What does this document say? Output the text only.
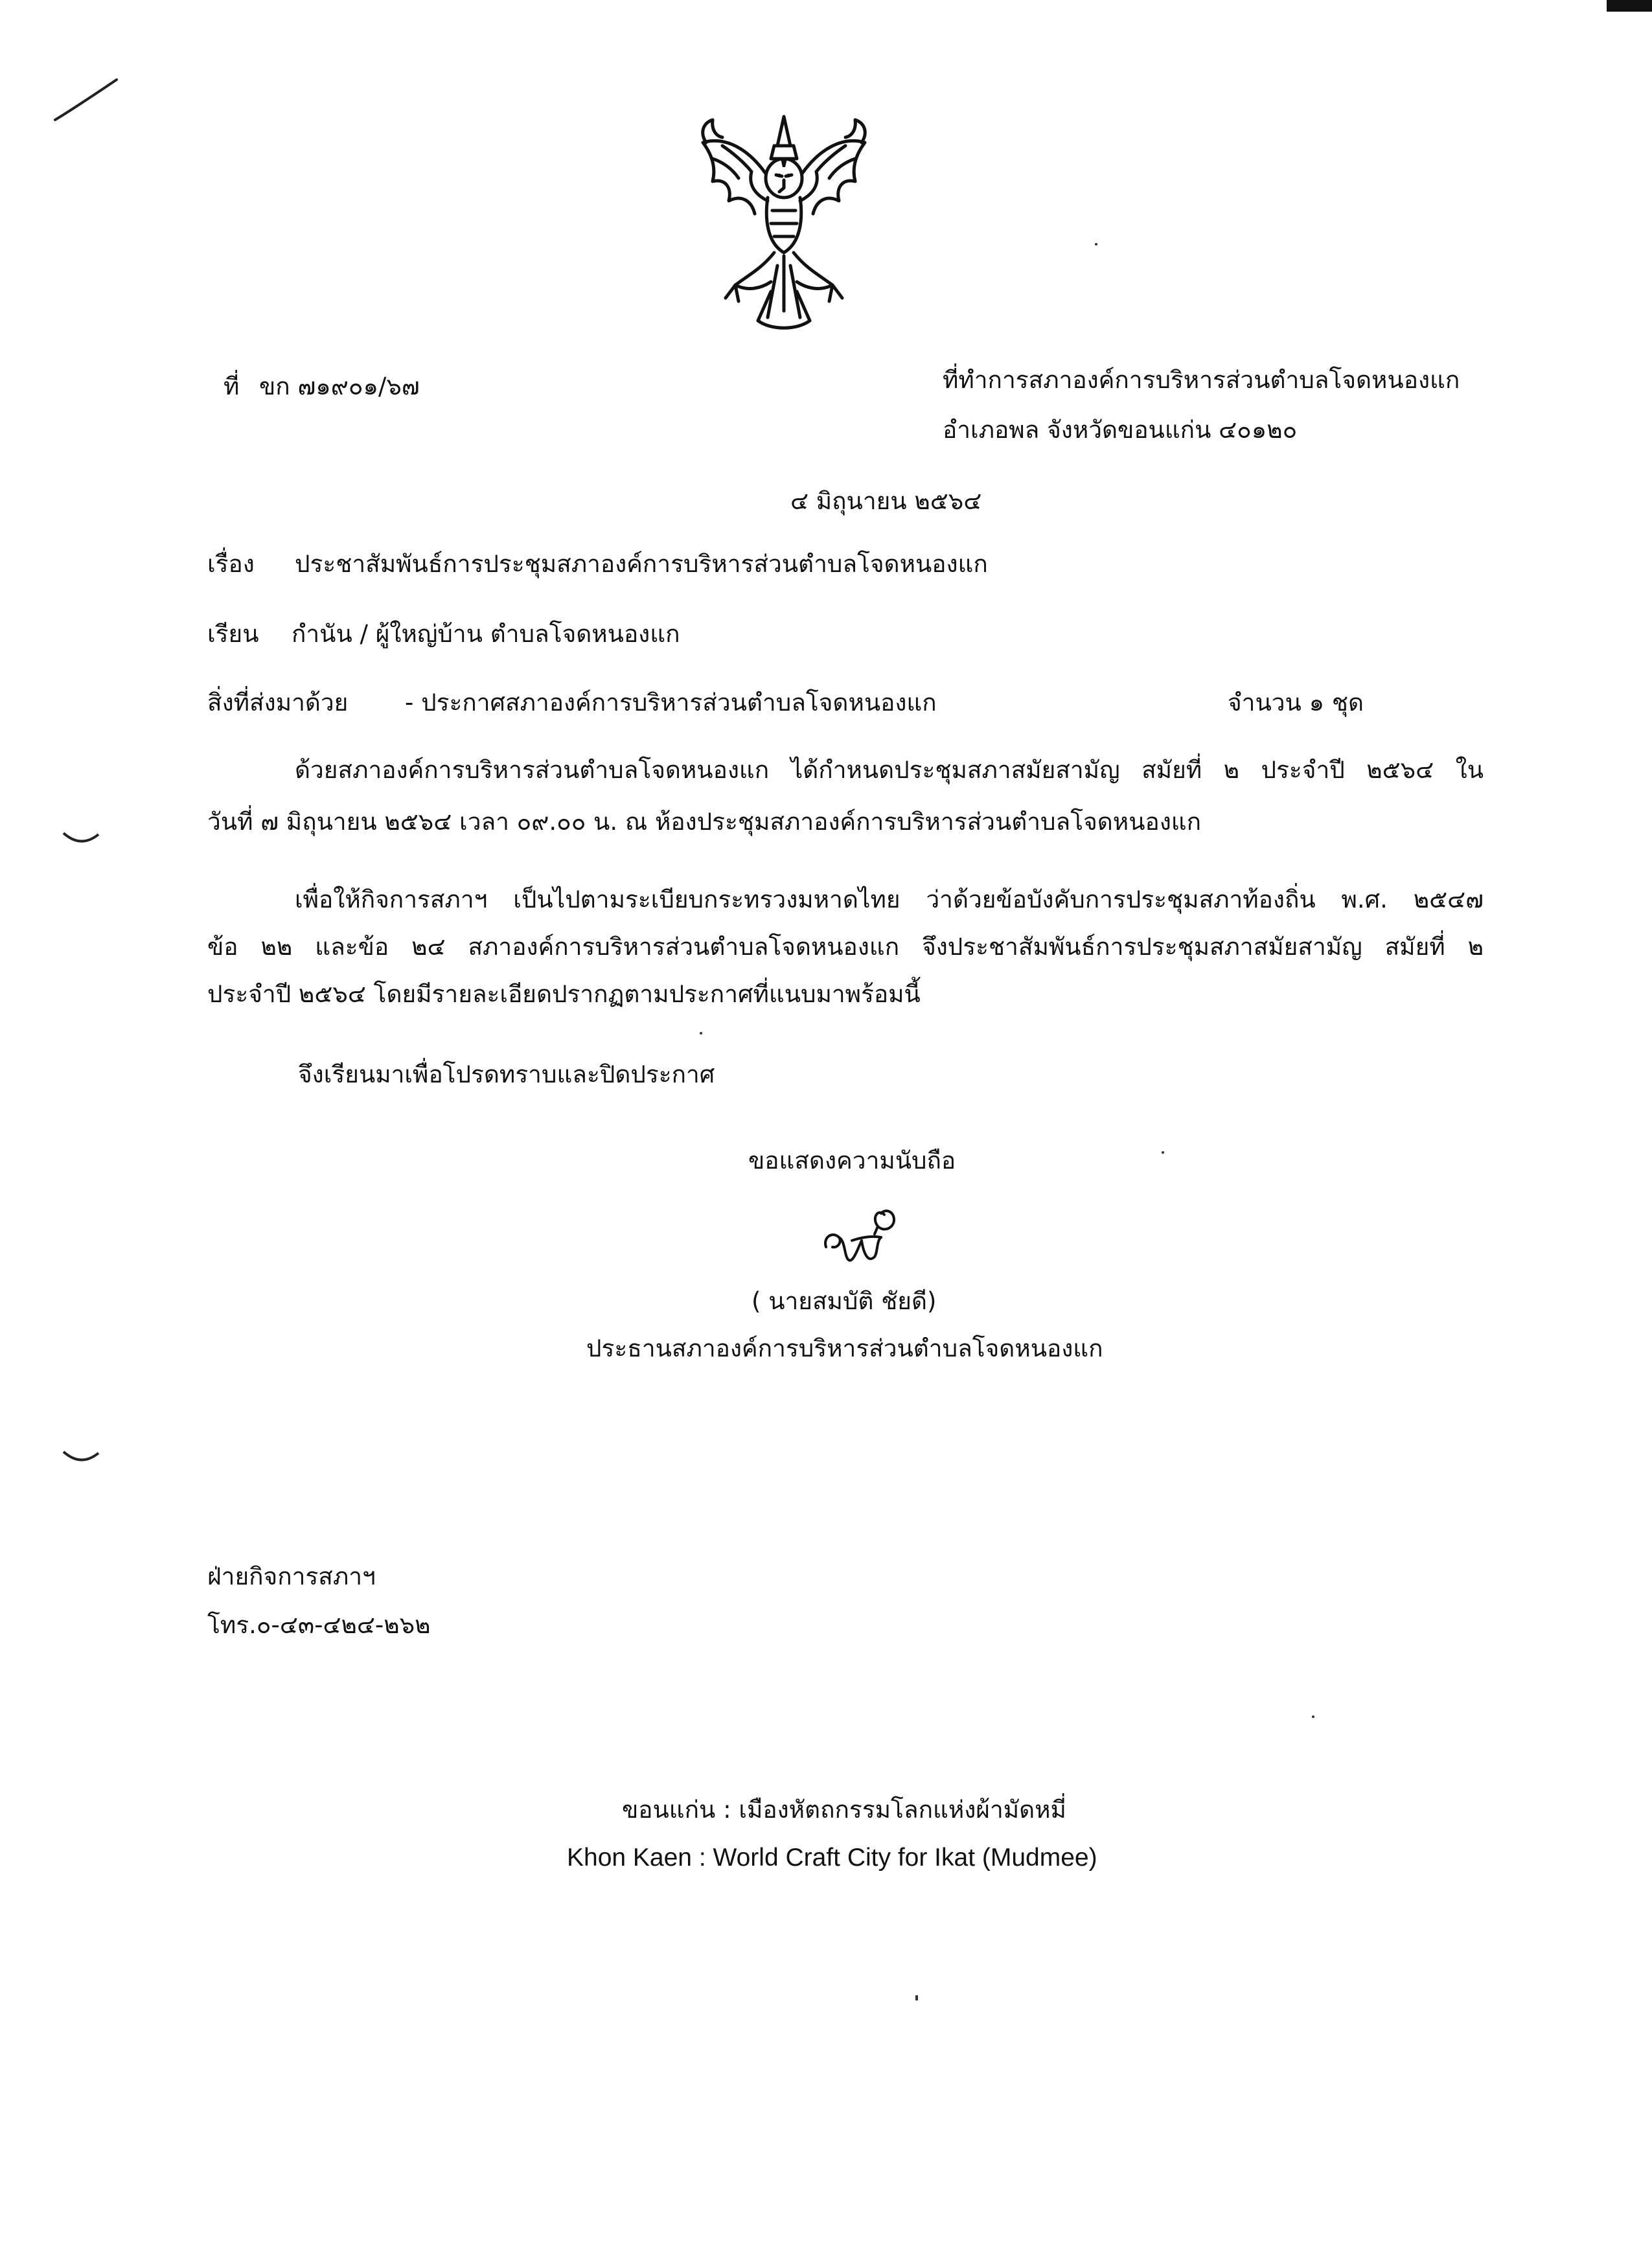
ที่ ขก ๗๑๙๐๑/๖๗	ที่ทำการสภาองค์การบริหารส่วนตำบลโจดหนองแก
อำเภอพล จังหวัดขอนแก่น ๔๐๑๒๐
๔ มิถุนายน ๒๕๖๔
เรื่อง ประชาสัมพันธ์การประชุมสภาองค์การบริหารส่วนตำบลโจดหนองแก
เรียน กำนัน / ผู้ใหญ่บ้าน ตำบลโจดหนองแก
สิ่งที่ส่งมาด้วย - ประกาศสภาองค์การบริหารส่วนตำบลโจดหนองแก	จำนวน ๑ ชุด
ด้วยสภาองค์การบริหารส่วนตำบลโจดหนองแก ได้กำหนดประชุมสภาสมัยสามัญ สมัยที่ ๒ ประจำปี ๒๕๖๔ ใน
วันที่ ๗ มิถุนายน ๒๕๖๔ เวลา ๐๙.๐๐ น. ณ ห้องประชุมสภาองค์การบริหารส่วนตำบลโจดหนองแก
เพื่อให้กิจการสภาฯ เป็นไปตามระเบียบกระทรวงมหาดไทย ว่าด้วยข้อบังคับการประชุมสภาท้องถิ่น พ.ศ. ๒๕๔๗
ข้อ ๒๒ และข้อ ๒๔ สภาองค์การบริหารส่วนตำบลโจดหนองแก จึงประชาสัมพันธ์การประชุมสภาสมัยสามัญ สมัยที่ ๒
ประจำปี ๒๕๖๔ โดยมีรายละเอียดปรากฏตามประกาศที่แนบมาพร้อมนี้
จึงเรียนมาเพื่อโปรดทราบและปิดประกาศ
ขอแสดงความนับถือ
( นายสมบัติ ชัยดี)
ประธานสภาองค์การบริหารส่วนตำบลโจดหนองแก
ฝ่ายกิจการสภาฯ
โทร.๐-๔๓-๔๒๔-๒๖๒
ขอนแก่น : เมืองหัตถกรรมโลกแห่งผ้ามัดหมี่
Khon Kaen : World Craft City for Ikat (Mudmee)
